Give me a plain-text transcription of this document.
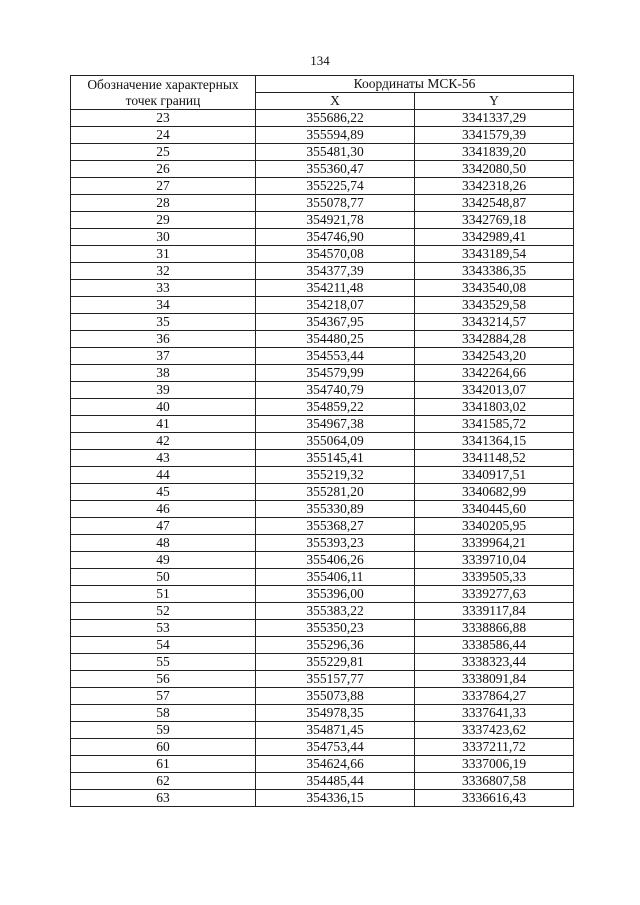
134
Обозначение характерных точек границ	Координаты МСК-56	
	X	Y
23	355686,22	3341337,29
24	355594,89	3341579,39
25	355481,30	3341839,20
26	355360,47	3342080,50
27	355225,74	3342318,26
28	355078,77	3342548,87
29	354921,78	3342769,18
30	354746,90	3342989,41
31	354570,08	3343189,54
32	354377,39	3343386,35
33	354211,48	3343540,08
34	354218,07	3343529,58
35	354367,95	3343214,57
36	354480,25	3342884,28
37	354553,44	3342543,20
38	354579,99	3342264,66
39	354740,79	3342013,07
40	354859,22	3341803,02
41	354967,38	3341585,72
42	355064,09	3341364,15
43	355145,41	3341148,52
44	355219,32	3340917,51
45	355281,20	3340682,99
46	355330,89	3340445,60
47	355368,27	3340205,95
48	355393,23	3339964,21
49	355406,26	3339710,04
50	355406,11	3339505,33
51	355396,00	3339277,63
52	355383,22	3339117,84
53	355350,23	3338866,88
54	355296,36	3338586,44
55	355229,81	3338323,44
56	355157,77	3338091,84
57	355073,88	3337864,27
58	354978,35	3337641,33
59	354871,45	3337423,62
60	354753,44	3337211,72
61	354624,66	3337006,19
62	354485,44	3336807,58
63	354336,15	3336616,43
